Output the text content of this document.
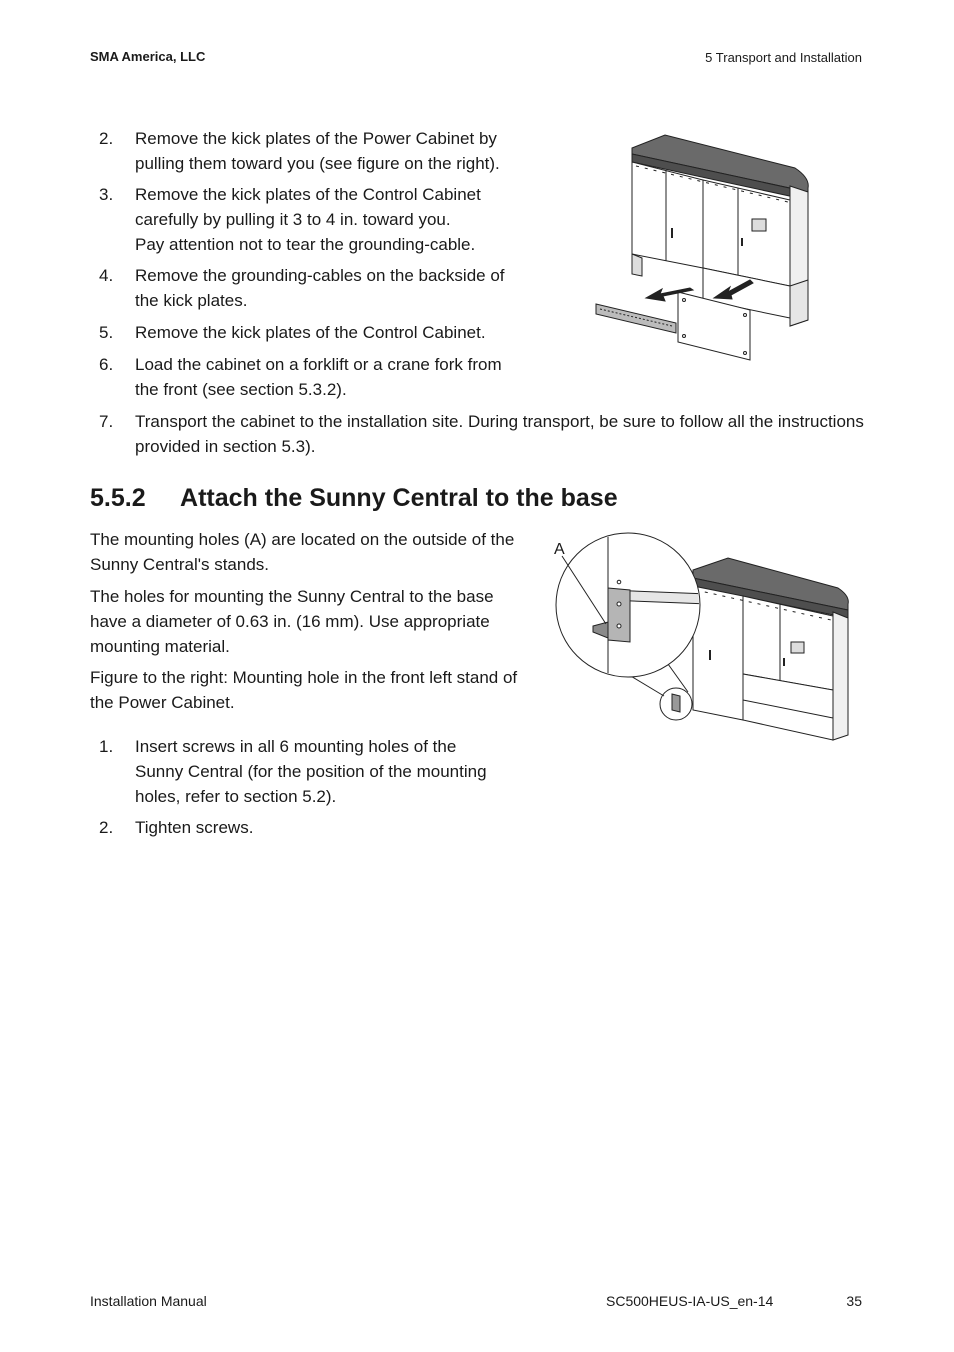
SMA America, LLC	5 Transport and Installation
2.	Remove the kick plates of the Power Cabinet by
pulling them toward you (see figure on the right).
3.	Remove the kick plates of the Control Cabinet
carefully by pulling it 3 to 4 in. toward you.
Pay attention not to tear the grounding-cable.
4.	Remove the grounding-cables on the backside of
the kick plates.
5.	Remove the kick plates of the Control Cabinet.
6.	Load the cabinet on a forklift or a crane fork from
the front (see section 5.3.2).
7.	Transport the cabinet to the installation site. During transport, be sure to follow all the instructions
provided in section 5.3).
5.5.2 Attach the Sunny Central to the base
The mounting holes (A) are located on the outside of the
Sunny Central's stands.
The holes for mounting the Sunny Central to the base
have a diameter of 0.63 in. (16 mm). Use appropriate
mounting material.
Figure to the right: Mounting hole in the front left stand of
the Power Cabinet.
1.	Insert screws in all 6 mounting holes of the
Sunny Central (for the position of the mounting
holes, refer to section 5.2).
2.	Tighten screws.
A
Installation Manual	SC500HEUS-IA-US_en-14	35
